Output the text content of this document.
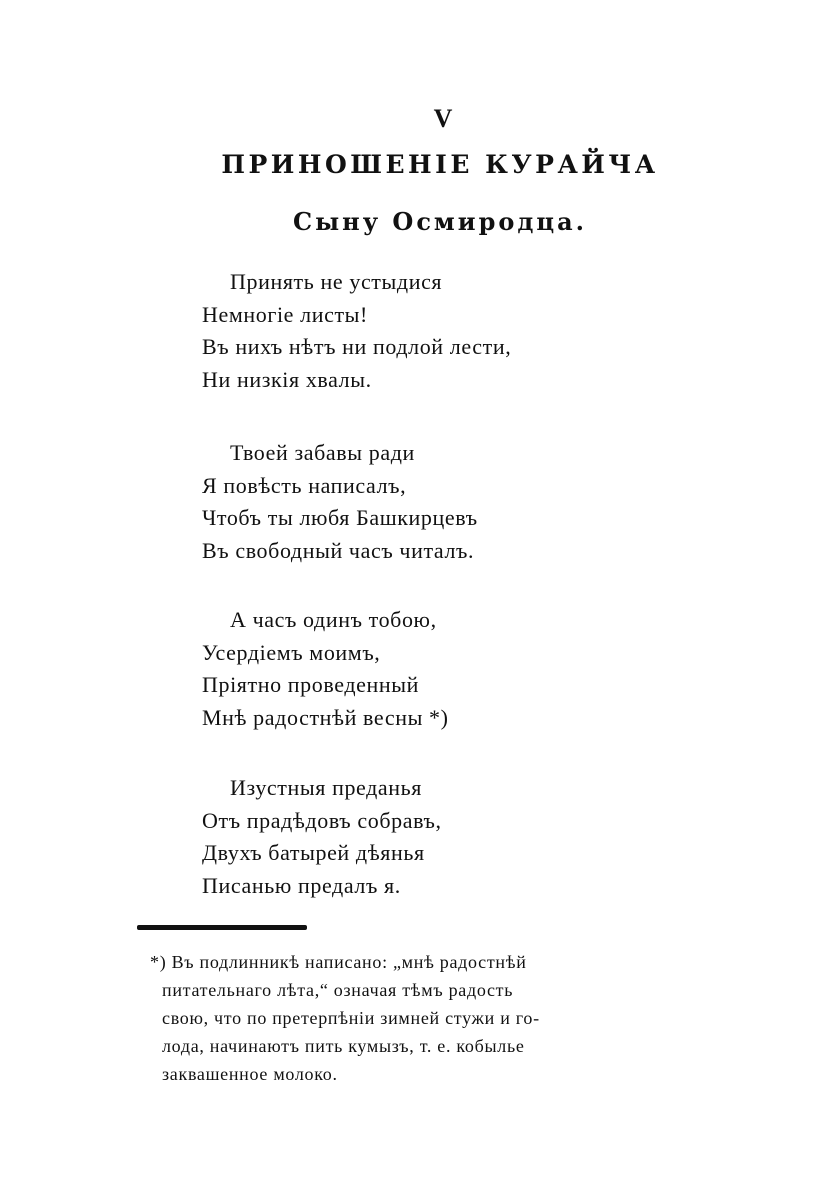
V
ПРИНОШЕНІЕ КУРАЙЧА
Сыну Осмиродца.
Принять не устыдися
Немногіе листы!
Въ нихъ нѣтъ ни подлой лести,
Ни низкія хвалы.
Твоей забавы ради
Я повѣсть написалъ,
Чтобъ ты любя Башкирцевъ
Въ свободный часъ читалъ.
А часъ одинъ тобою,
Усердіемъ моимъ,
Пріятно проведенный
Мнѣ радостнѣй весны *)
Изустныя преданья
Отъ прадѣдовъ собравъ,
Двухъ батырей дѣянья
Писанью предалъ я.
*) Въ подлинникѣ написано: „мнѣ радостнѣй
питательнаго лѣта,“ означая тѣмъ радость
свою, что по претерпѣніи зимней стужи и го-
лода, начинаютъ пить кумызъ, т. е. кобылье
заквашенное молоко.
